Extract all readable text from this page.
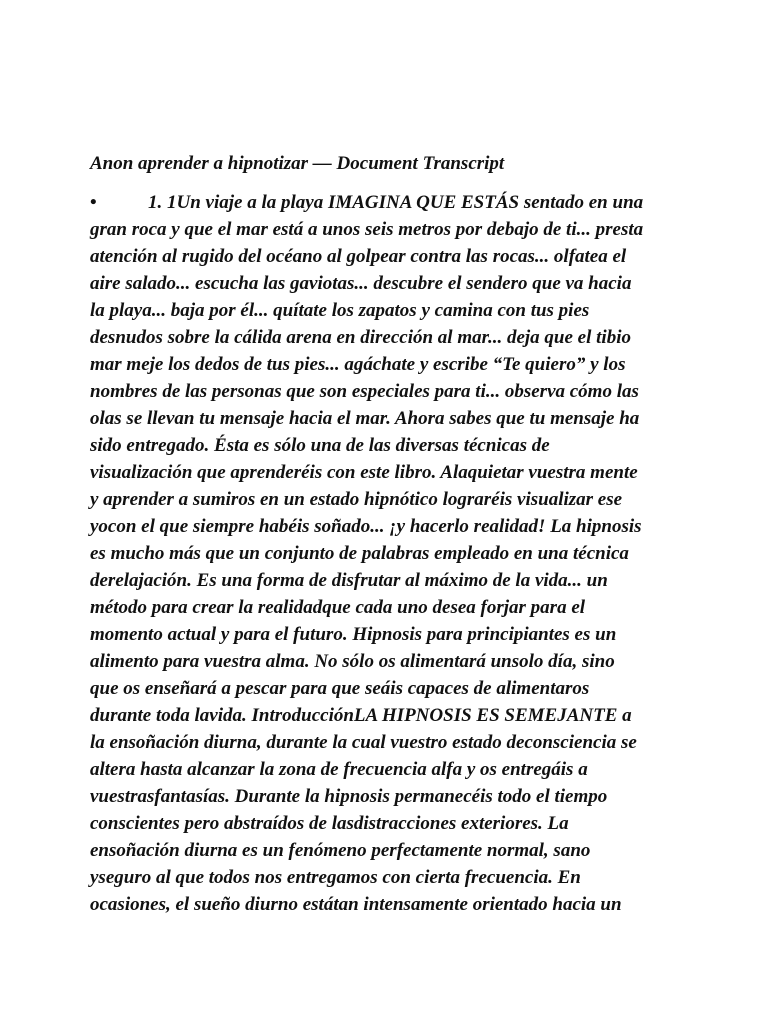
Anon aprender a hipnotizar — Document Transcript
•	1. 1Un viaje a la playa IMAGINA QUE ESTÁS sentado en una
gran roca y que el mar está a unos seis metros por debajo de ti... presta
atención al rugido del océano al golpear contra las rocas... olfatea el
aire salado... escucha las gaviotas... descubre el sendero que va hacia
la playa... baja por él... quítate los zapatos y camina con tus pies
desnudos sobre la cálida arena en dirección al mar... deja que el tibio
mar meje los dedos de tus pies... agáchate y escribe “Te quiero” y los
nombres de las personas que son especiales para ti... observa cómo las
olas se llevan tu mensaje hacia el mar. Ahora sabes que tu mensaje ha
sido entregado. Ésta es sólo una de las diversas técnicas de
visualización que aprenderéis con este libro. Alaquietar vuestra mente
y aprender a sumiros en un estado hipnótico lograréis visualizar ese
yocon el que siempre habéis soñado... ¡y hacerlo realidad! La hipnosis
es mucho más que un conjunto de palabras empleado en una técnica
derelajación. Es una forma de disfrutar al máximo de la vida... un
método para crear la realidadque cada uno desea forjar para el
momento actual y para el futuro. Hipnosis para principiantes es un
alimento para vuestra alma. No sólo os alimentará unsolo día, sino
que os enseñará a pescar para que seáis capaces de alimentaros
durante toda lavida. IntroducciónLA HIPNOSIS ES SEMEJANTE a
la ensoñación diurna, durante la cual vuestro estado deconsciencia se
altera hasta alcanzar la zona de frecuencia alfa y os entregáis a
vuestrasfantasías. Durante la hipnosis permanecéis todo el tiempo
conscientes pero abstraídos de lasdistracciones exteriores. La
ensoñación diurna es un fenómeno perfectamente normal, sano
yseguro al que todos nos entregamos con cierta frecuencia. En
ocasiones, el sueño diurno estátan intensamente orientado hacia un
